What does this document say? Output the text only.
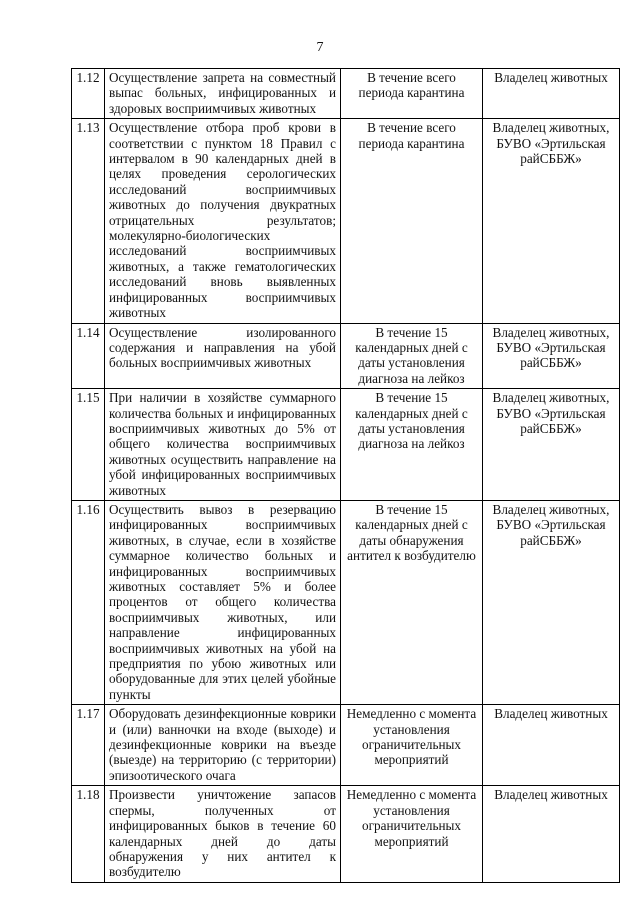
7
1.12	Осуществление запрета на совместный выпас больных, инфицированных и здоровых восприимчивых животных	В течение всего периода карантина	Владелец животных
1.13	Осуществление отбора проб крови в соответствии с пунктом 18 Правил с интервалом в 90 календарных дней в целях проведения серологических исследований восприимчивых животных до получения двукратных отрицательных результатов; молекулярно-биологических исследований восприимчивых животных, а также гематологических исследований вновь выявленных инфицированных восприимчивых животных	В течение всего периода карантина	Владелец животных, БУВО «Эртильская райСББЖ»
1.14	Осуществление изолированного содержания и направления на убой больных восприимчивых животных	В течение 15 календарных дней с даты установления диагноза на лейкоз	Владелец животных, БУВО «Эртильская райСББЖ»
1.15	При наличии в хозяйстве суммарного количества больных и инфицированных восприимчивых животных до 5% от общего количества восприимчивых животных осуществить направление на убой инфицированных восприимчивых животных	В течение 15 календарных дней с даты установления диагноза на лейкоз	Владелец животных, БУВО «Эртильская райСББЖ»
1.16	Осуществить вывоз в резервацию инфицированных восприимчивых животных, в случае, если в хозяйстве суммарное количество больных и инфицированных восприимчивых животных составляет 5% и более процентов от общего количества восприимчивых животных, или направление инфицированных восприимчивых животных на убой на предприятия по убою животных или оборудованные для этих целей убойные пункты	В течение 15 календарных дней с даты обнаружения антител к возбудителю	Владелец животных, БУВО «Эртильская райСББЖ»
1.17	Оборудовать дезинфекционные коврики и (или) ванночки на входе (выходе) и дезинфекционные коврики на въезде (выезде) на территорию (с территории) эпизоотического очага	Немедленно с момента установления ограничительных мероприятий	Владелец животных
1.18	Произвести уничтожение запасов спермы, полученных от инфицированных быков в течение 60 календарных дней до даты обнаружения у них антител к возбудителю	Немедленно с момента установления ограничительных мероприятий	Владелец животных
